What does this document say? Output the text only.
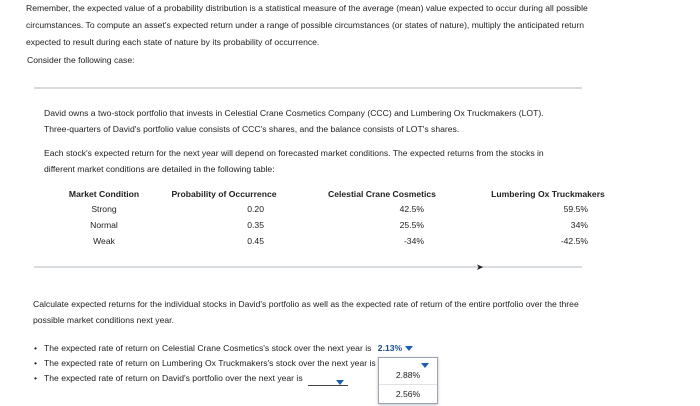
Remember, the expected value of a probability distribution is a statistical measure of the average (mean) value expected to occur during all possible

circumstances. To compute an asset's expected return under a range of possible circumstances (or states of nature), multiply the anticipated return

expected to result during each state of nature by its probability of occurrence.

Consider the following case:
David owns a two-stock portfolio that invests in Celestial Crane Cosmetics Company (CCC) and Lumbering Ox Truckmakers (LOT).
Three-quarters of David's portfolio value consists of CCC's shares, and the balance consists of LOT's shares.
Each stock's expected return for the next year will depend on forecasted market conditions. The expected returns from the stocks in
different market conditions are detailed in the following table:
Market Condition	Probability of Occurrence	Celestial Crane Cosmetics	Lumbering Ox Truckmakers
Strong	0.20	42.5%	59.5%
Normal	0.35	25.5%	34%
Weak	0.45	-34%	-42.5%
➤
Calculate expected returns for the individual stocks in David's portfolio as well as the expected rate of return of the entire portfolio over the three
possible market conditions next year.
• The expected rate of return on Celestial Crane Cosmetics's stock over the next year is 2.13%
• The expected rate of return on Lumbering Ox Truckmakers's stock over the next year is
• The expected rate of return on David's portfolio over the next year is	2.88%
2.56%
